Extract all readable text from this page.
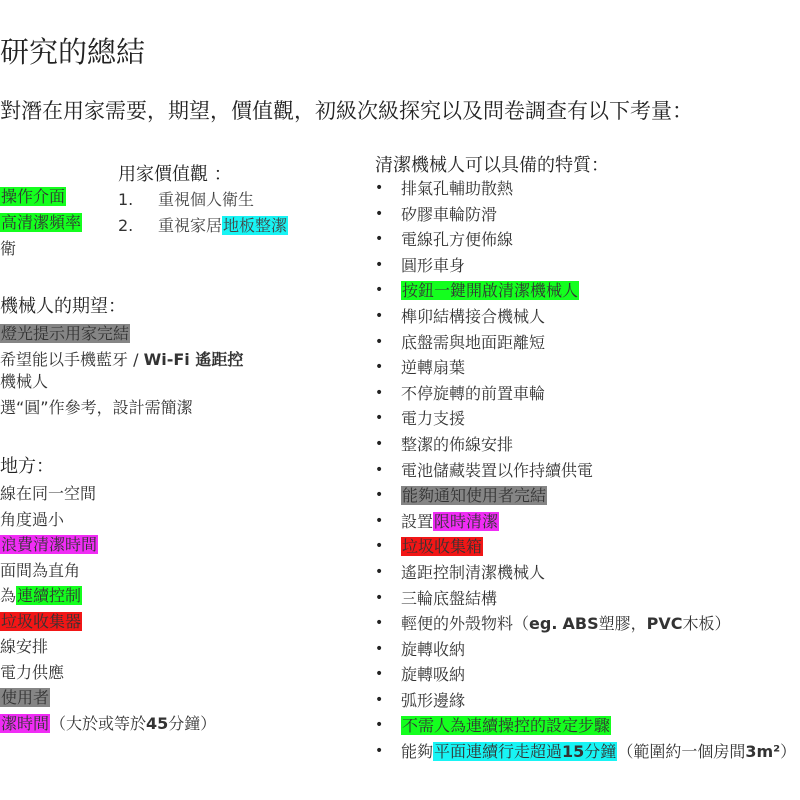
研究的總結
對潛在用家需要，期望，價值觀，初級次級探究以及問卷調查有以下考量：
用家價值觀 ：
1. 重視個人衛生
2. 重視家居地板整潔
操作介面
高清潔頻率
衛
機械人的期望：
燈光提示用家完結
希望能以手機藍牙 / Wi-Fi 遙距控
機械人
選“圓”作參考，設計需簡潔
地方：
線在同一空間
角度過小
浪費清潔時間
面間為直角
為連續控制
垃圾收集器
線安排
電力供應
使用者
潔時間（大於或等於45分鐘）
清潔機械人可以具備的特質：
• 排氣孔輔助散熱
• 矽膠車輪防滑
• 電線孔方便佈線
• 圓形車身
• 按鈕一鍵開啟清潔機械人
• 榫卯結構接合機械人
• 底盤需與地面距離短
• 逆轉扇葉
• 不停旋轉的前置車輪
• 電力支援
• 整潔的佈線安排
• 電池儲藏裝置以作持續供電
• 能夠通知使用者完結
• 設置限時清潔
• 垃圾收集箱
• 遙距控制清潔機械人
• 三輪底盤結構
• 輕便的外殼物料（eg. ABS塑膠，PVC木板）
• 旋轉收納
• 旋轉吸納
• 弧形邊緣
• 不需人為連續操控的設定步驟
• 能夠平面連續行走超過15分鐘（範圍約一個房間3m²）
